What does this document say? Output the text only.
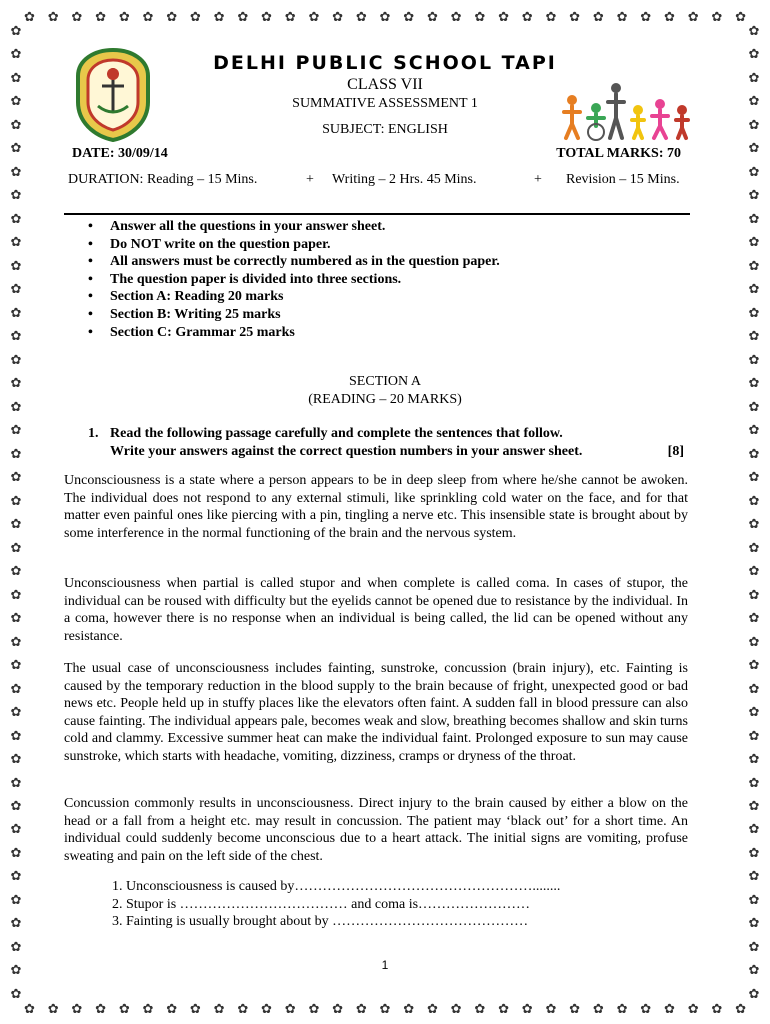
✿ ✿ ✿ ✿ ✿ ✿ ✿ ✿ ✿ ✿ ✿ ✿ ✿ ✿ ✿ ✿ ✿ ✿ ✿ ✿ ✿ ✿ ✿ ✿ ✿ ✿ ✿ ✿ ✿ ✿ ✿
✿ ✿ ✿ ✿ ✿ ✿ ✿ ✿ ✿ ✿ ✿ ✿ ✿ ✿ ✿ ✿ ✿ ✿ ✿ ✿ ✿ ✿ ✿ ✿ ✿ ✿ ✿ ✿ ✿ ✿ ✿
✿
✿
✿
✿
✿
✿
✿
✿
✿
✿
✿
✿
✿
✿
✿
✿
✿
✿
✿
✿
✿
✿
✿
✿
✿
✿
✿
✿
✿
✿
✿
✿
✿
✿
✿
✿
✿
✿
✿
✿
✿
✿
✿
✿
✿
✿
✿
✿
✿
✿
✿
✿
✿
✿
✿
✿
✿
✿
✿
✿
✿
✿
✿
✿
✿
✿
✿
✿
✿
✿
✿
✿
✿
✿
✿
✿
✿
✿
✿
✿
✿
✿
✿
✿
DELHI PUBLIC SCHOOL TAPI
CLASS VII
SUMMATIVE ASSESSMENT 1
SUBJECT: ENGLISH
DATE: 30/09/14	TOTAL MARKS: 70
DURATION: Reading – 15 Mins.	+	Writing – 2 Hrs. 45 Mins.	+	Revision – 15 Mins.
• Answer all the questions in your answer sheet.
• Do NOT write on the question paper.
• All answers must be correctly numbered as in the question paper.
• The question paper is divided into three sections.
• Section A: Reading 20 marks
• Section B: Writing 25 marks
• Section C: Grammar 25 marks
SECTION A
(READING – 20 MARKS)
1. Read the following passage carefully and complete the sentences that follow.
Write your answers against the correct question numbers in your answer sheet.	[8]

Unconsciousness is a state where a person appears to be in deep sleep from where he/she cannot be awoken. The individual does not respond to any external stimuli, like sprinkling cold water on the face, and for that matter even painful ones like piercing with a pin, tingling a nerve etc. This insensible state is brought about by some interference in the normal functioning of the brain and the nervous system.

Unconsciousness when partial is called stupor and when complete is called coma. In cases of stupor, the individual can be roused with difficulty but the eyelids cannot be opened due to resistance by the individual. In a coma, however there is no response when an individual is being called, the lid can be opened without any resistance.

The usual case of unconsciousness includes fainting, sunstroke, concussion (brain injury), etc. Fainting is caused by the temporary reduction in the blood supply to the brain because of fright, unexpected good or bad news etc. People held up in stuffy places like the elevators often faint. A sudden fall in blood pressure can also cause fainting. The individual appears pale, becomes weak and slow, breathing becomes shallow and skin turns cold and clammy. Excessive summer heat can make the individual faint. Prolonged exposure to sun may cause sunstroke, which starts with headache, vomiting, dizziness, cramps or dryness of the throat.

Concussion commonly results in unconsciousness. Direct injury to the brain caused by either a blow on the head or a fall from a height etc. may result in concussion. The patient may ‘black out’ for a short time. An individual could suddenly become unconscious due to a heart attack. The initial signs are vomiting, profuse sweating and pain on the left side of the chest.

1. Unconsciousness is caused by……………………………………………........
2. Stupor is ……………………………… and coma is……………………
3. Fainting is usually brought about by ……………………………………
1
